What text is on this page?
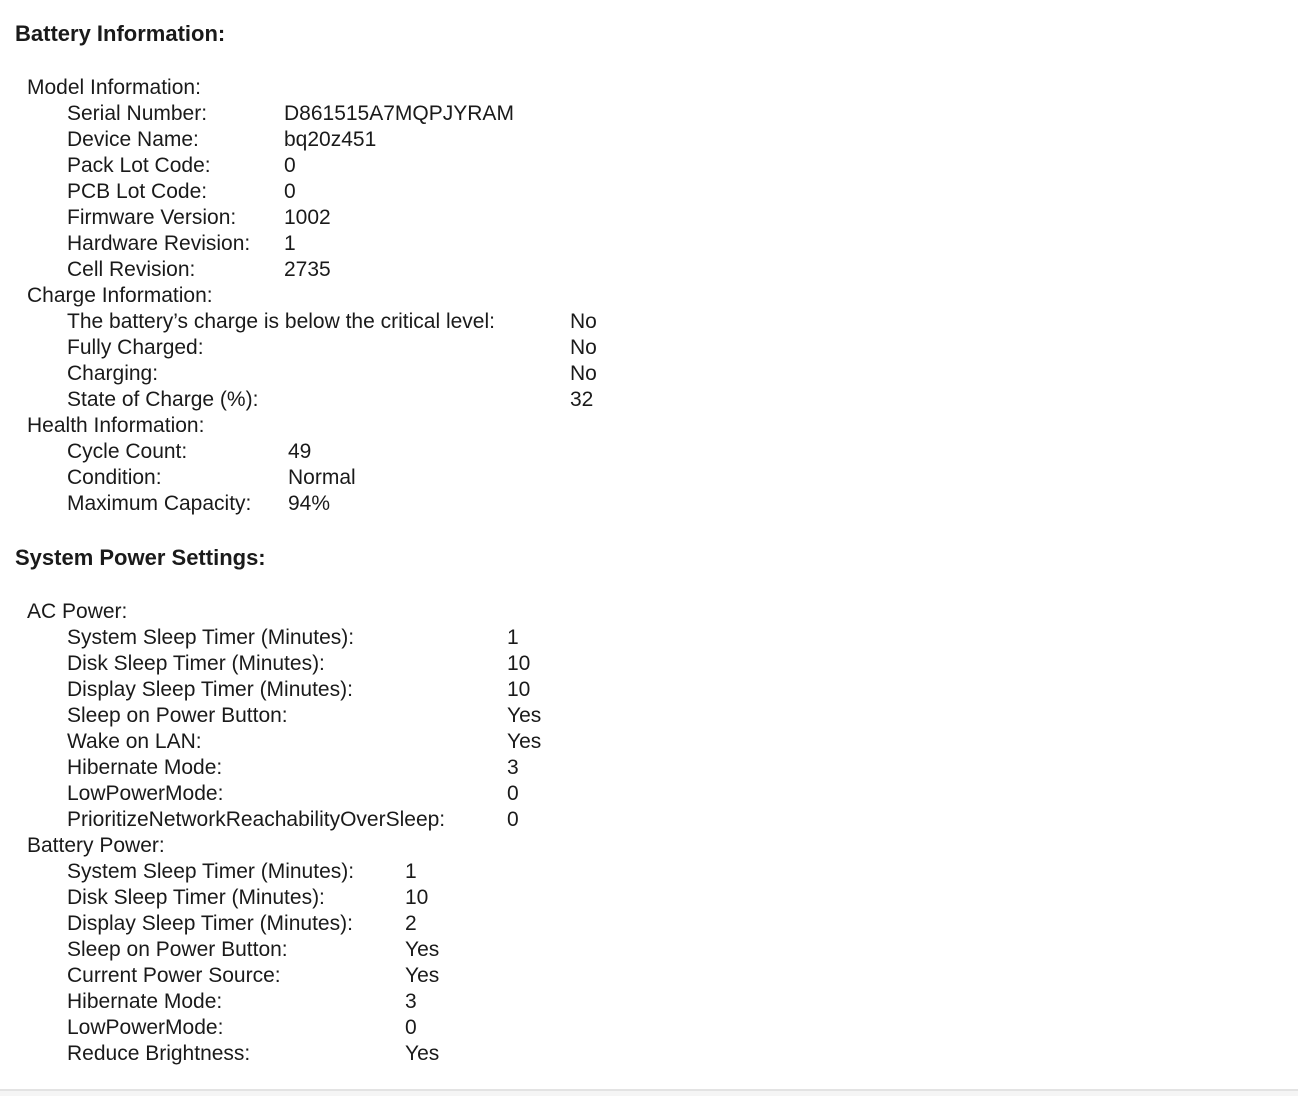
Battery Information:
Model Information:
Serial Number:	D861515A7MQPJYRAM
Device Name:	bq20z451
Pack Lot Code:	0
PCB Lot Code:	0
Firmware Version: 1002
Hardware Revision: 1
Cell Revision:	2735
Charge Information:
The battery’s charge is below the critical level:	No
Fully Charged:	No
Charging:	No
State of Charge (%):	32
Health Information:
Cycle Count:	49
Condition:	Normal
Maximum Capacity: 94%
System Power Settings:
AC Power:
System Sleep Timer (Minutes):	1
Disk Sleep Timer (Minutes):	10
Display Sleep Timer (Minutes):	10
Sleep on Power Button:	Yes
Wake on LAN:	Yes
Hibernate Mode:	3
LowPowerMode:	0
PrioritizeNetworkReachabilityOverSleep:	0
Battery Power:
System Sleep Timer (Minutes): 1
Disk Sleep Timer (Minutes):	10
Display Sleep Timer (Minutes): 2
Sleep on Power Button:	Yes
Current Power Source:	Yes
Hibernate Mode:	3
LowPowerMode:	0
Reduce Brightness:	Yes
